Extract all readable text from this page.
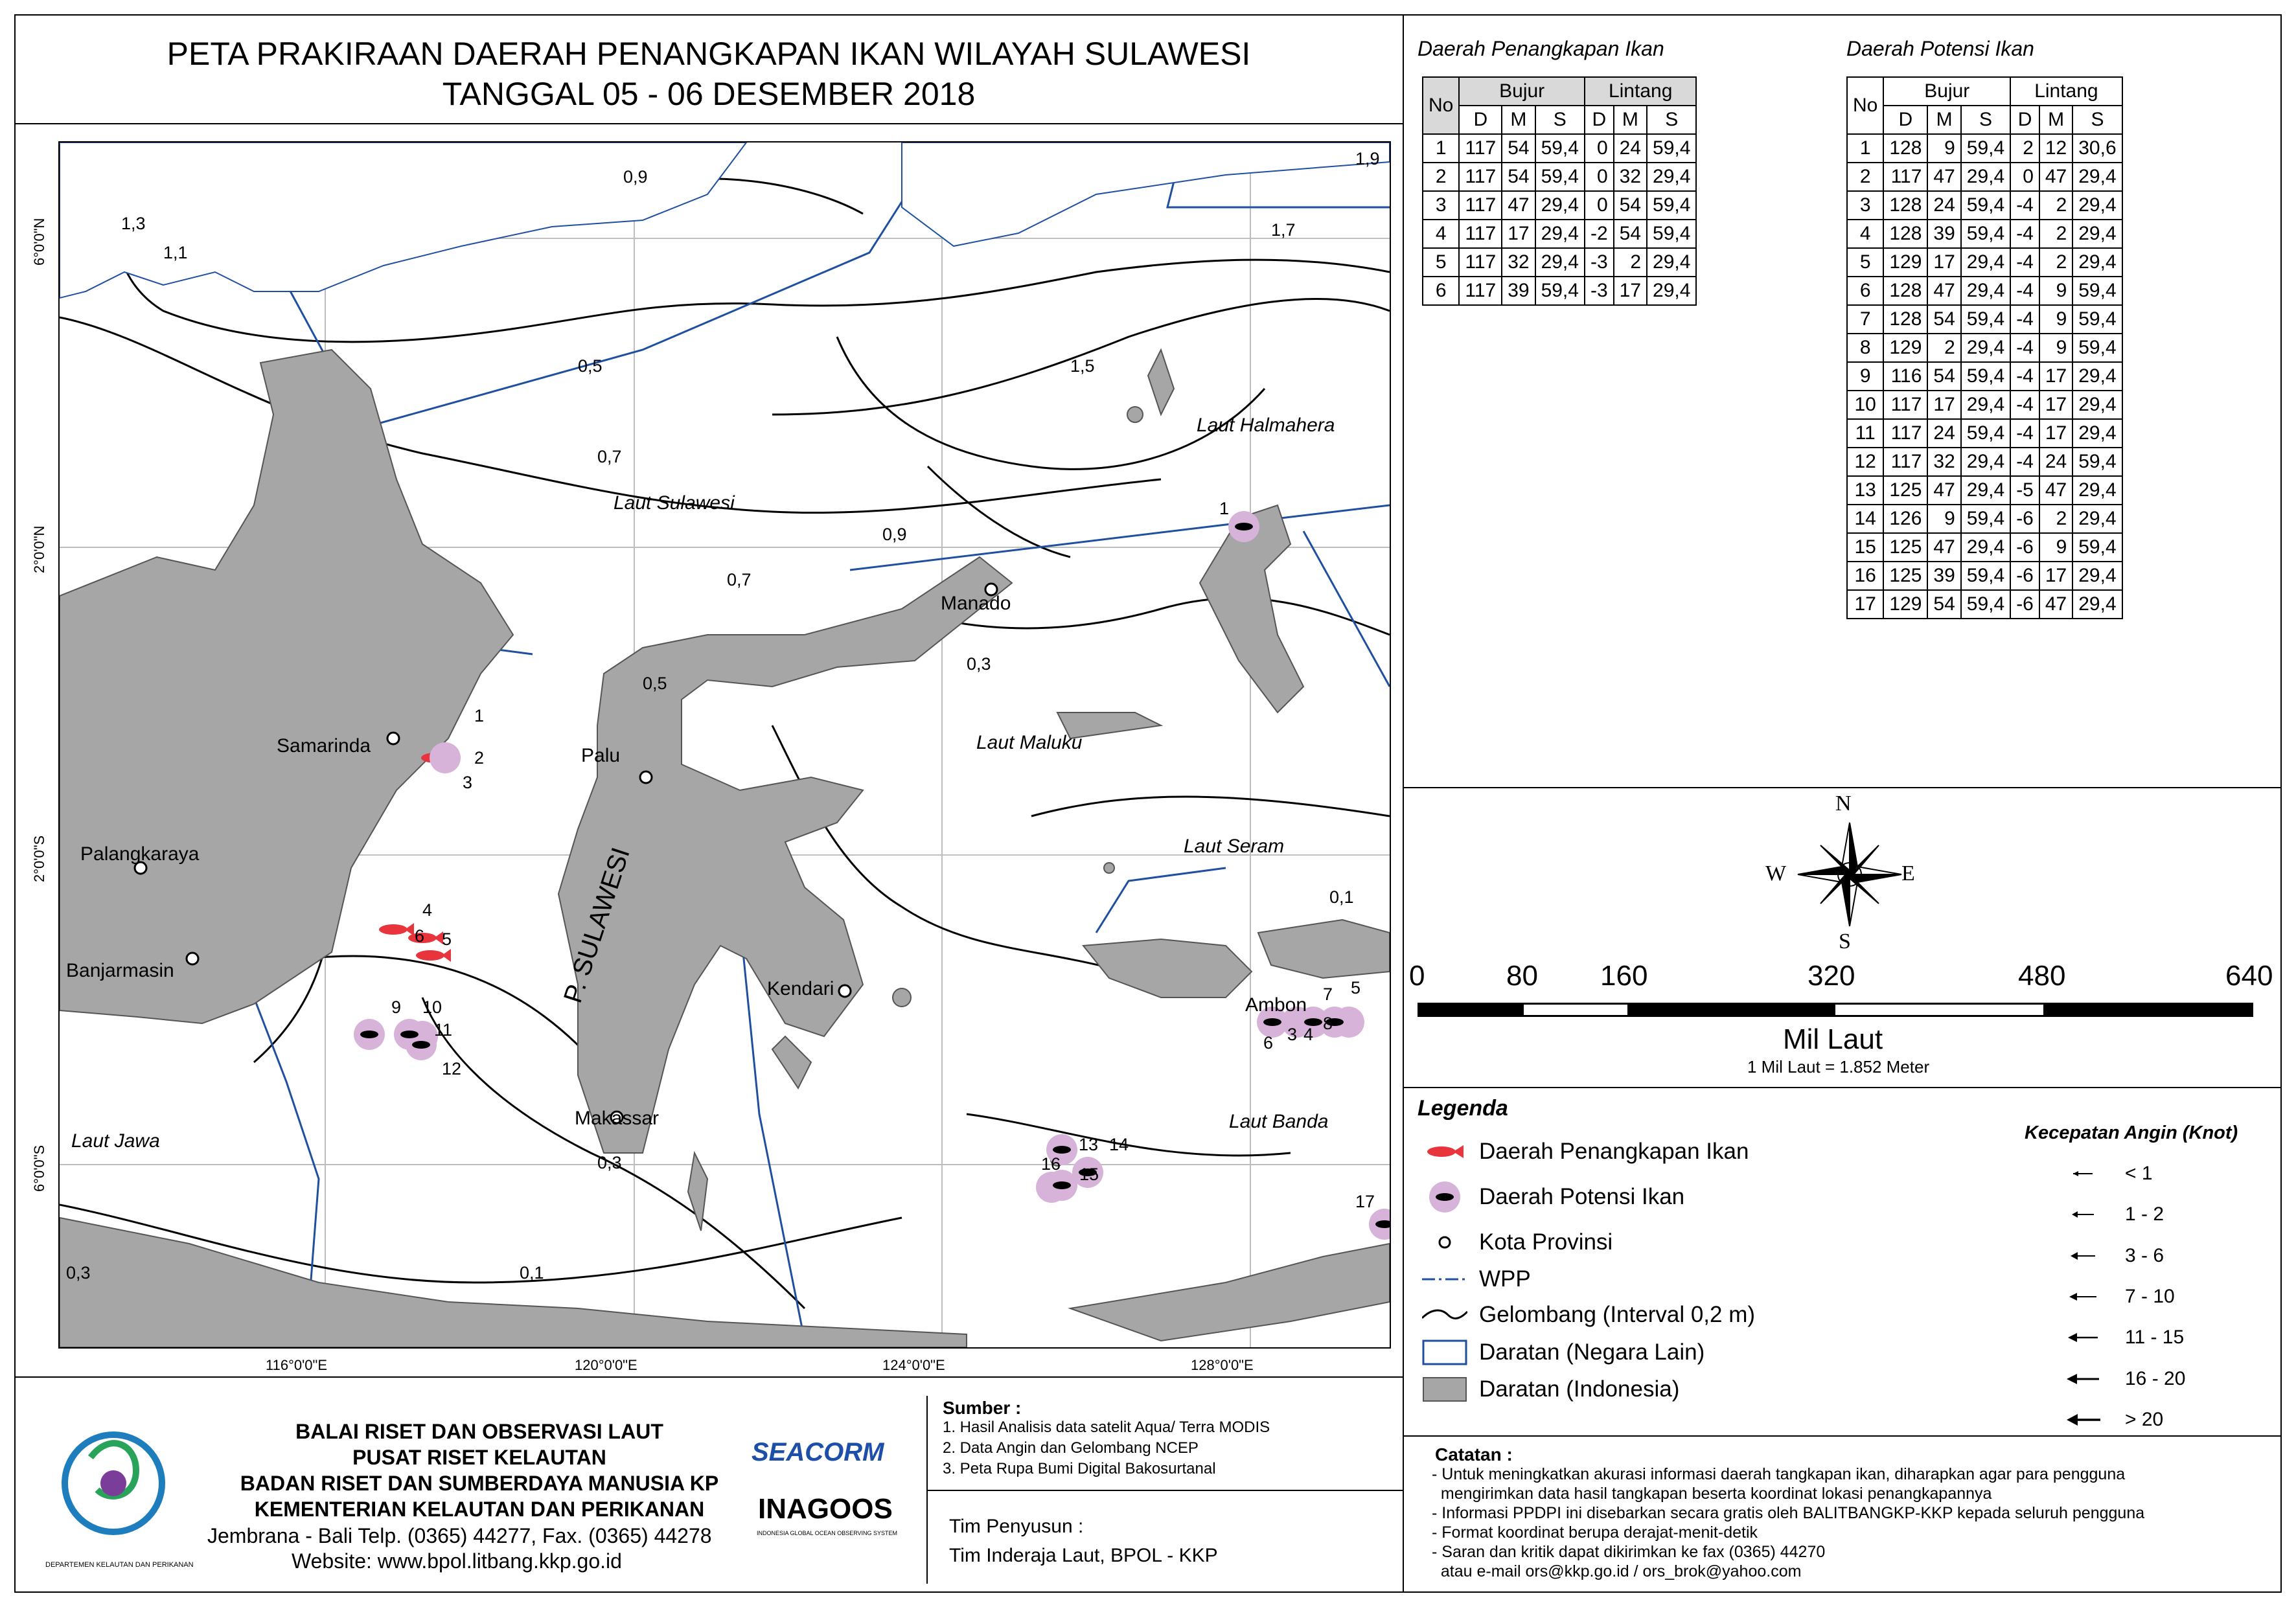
PETA PRAKIRAAN DAERAH PENANGKAPAN IKAN WILAYAH SULAWESI
TANGGAL 05 - 06 DESEMBER 2018
Laut Sulawesi
Laut Halmahera
Laut Maluku
Laut Seram
Laut Banda
Laut Jawa
P. SULAWESI
Samarinda
Palangkaraya
Banjarmasin
Palu
Manado
Kendari
Makassar
Ambon
1,3
1,1
0,9
0,9
0,7
0,7
0,5
0,5
0,3
0,3
0,3	0,1
0,1
1,5
1,7
1,9
1
2
3
4
5
6
1
7 5
8
6 3 4
9 10
11
12
13 14
15
16
17
116°0'0"E	120°0'0"E	124°0'0"E	128°0'0"E
6°0'0"N
2°0'0"N
2°0'0"S
6°0'0"S
DEPARTEMEN KELAUTAN DAN PERIKANAN
BALAI RISET DAN OBSERVASI LAUT
PUSAT RISET KELAUTAN
BADAN RISET DAN SUMBERDAYA MANUSIA KP
KEMENTERIAN KELAUTAN DAN PERIKANAN
Jembrana - Bali Telp. (0365) 44277, Fax. (0365) 44278
Website: www.bpol.litbang.kkp.go.id
SEACORM
INAGOOS
INDONESIA GLOBAL OCEAN OBSERVING SYSTEM
Sumber :
1. Hasil Analisis data satelit Aqua/ Terra MODIS
2. Data Angin dan Gelombang NCEP
3. Peta Rupa Bumi Digital Bakosurtanal
Tim Penyusun :
Tim Inderaja Laut, BPOL - KKP
Daerah Penangkapan Ikan
No	Bujur			Lintang		
	D	M	S	D	M	S
1	117	54	59,4	0	24	59,4
2	117	54	59,4	0	32	29,4
3	117	47	29,4	0	54	59,4
4	117	17	29,4	-2	54	59,4
5	117	32	29,4	-3	2	29,4
6	117	39	59,4	-3	17	29,4
Daerah Potensi Ikan
No	Bujur			Lintang		
	D	M	S	D	M	S
1	128	9	59,4	2	12	30,6
2	117	47	29,4	0	47	29,4
3	128	24	59,4	-4	2	29,4
4	128	39	59,4	-4	2	29,4
5	129	17	29,4	-4	2	29,4
6	128	47	29,4	-4	9	59,4
7	128	54	59,4	-4	9	59,4
8	129	2	29,4	-4	9	59,4
9	116	54	59,4	-4	17	29,4
10	117	17	29,4	-4	17	29,4
11	117	24	59,4	-4	17	29,4
12	117	32	29,4	-4	24	59,4
13	125	47	29,4	-5	47	29,4
14	126	9	59,4	-6	2	29,4
15	125	47	29,4	-6	9	59,4
16	125	39	59,4	-6	17	29,4
17	129	54	59,4	-6	47	29,4
N
W	E
S
0	80 160	320	480	640
Mil Laut
1 Mil Laut = 1.852 Meter
Legenda
Daerah Penangkapan Ikan
Daerah Potensi Ikan
Kota Provinsi
WPP
Gelombang (Interval 0,2 m)
Daratan (Negara Lain)
Daratan (Indonesia)
Kecepatan Angin (Knot)
< 1
1 - 2
3 - 6
7 - 10
11 - 15
16 - 20
> 20
Catatan :
- Untuk meningkatkan akurasi informasi daerah tangkapan ikan, diharapkan agar para pengguna
mengirimkan data hasil tangkapan beserta koordinat lokasi penangkapannya
- Informasi PPDPI ini disebarkan secara gratis oleh BALITBANGKP-KKP kepada seluruh pengguna
- Format koordinat berupa derajat-menit-detik
- Saran dan kritik dapat dikirimkan ke fax (0365) 44270
atau e-mail ors@kkp.go.id / ors_brok@yahoo.com
